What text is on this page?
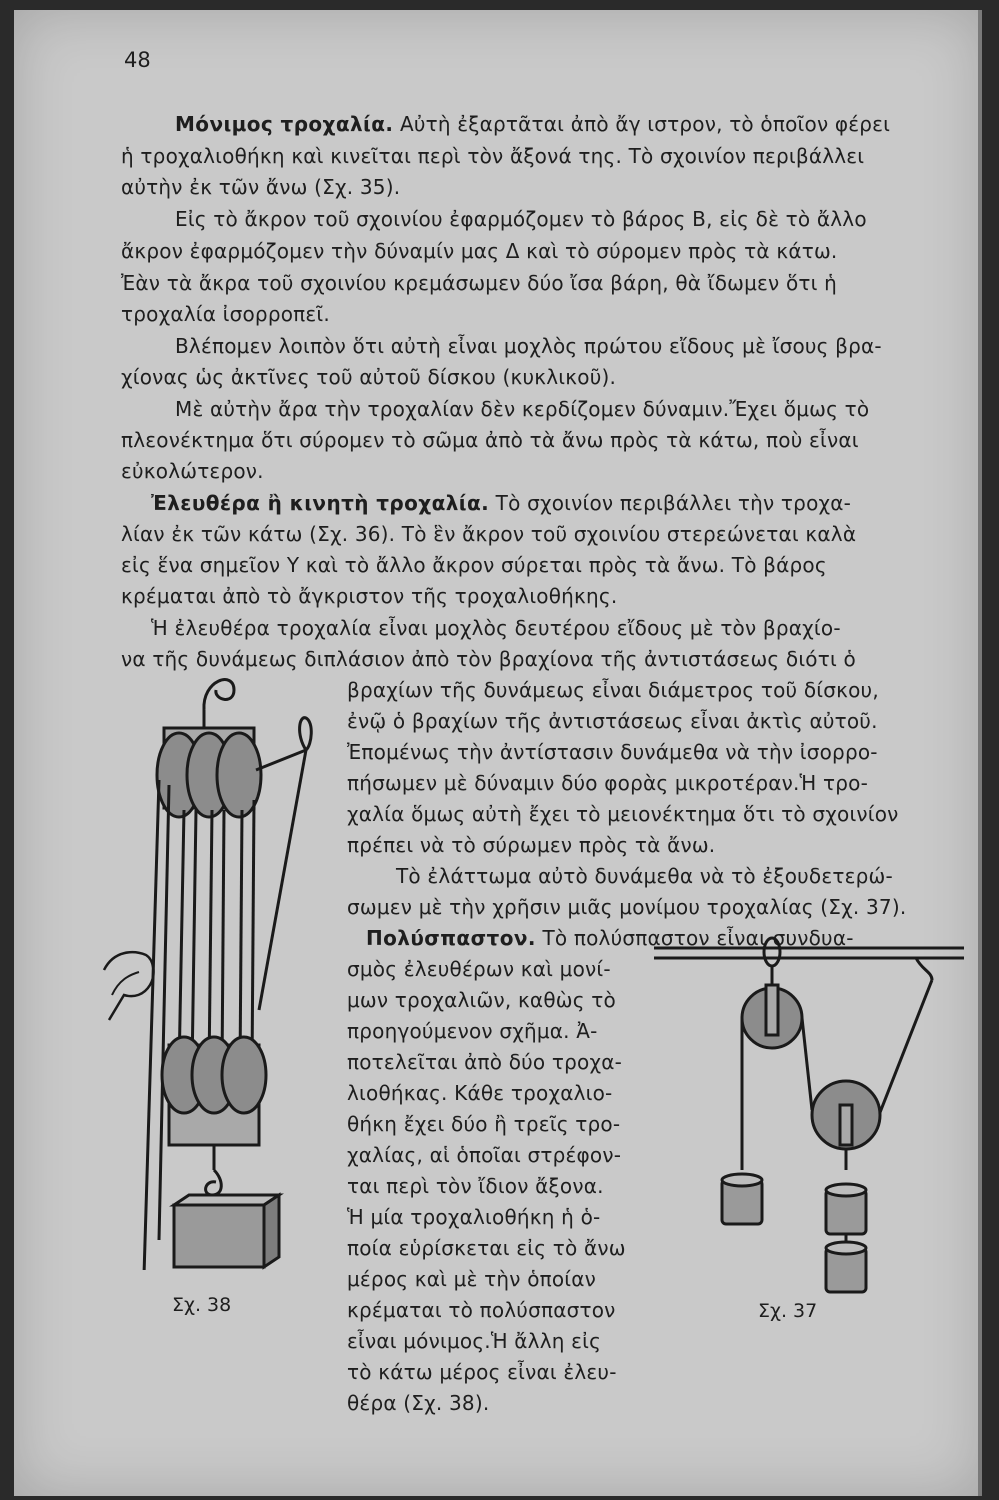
48
Μόνιμος τροχαλία. Αὐτὴ ἐξαρτᾶται ἀπὸ ἄγ ιστρον, τὸ ὁποῖον φέρει
ἡ τροχαλιοθήκη καὶ κινεῖται περὶ τὸν ἄξονά της. Τὸ σχοινίον περιβάλλει
αὐτὴν ἐκ τῶν ἄνω (Σχ. 35).
Εἰς τὸ ἄκρον τοῦ σχοινίου ἐφαρμόζομεν τὸ βάρος Β, εἰς δὲ τὸ ἄλλο
ἄκρον ἐφαρμόζομεν τὴν δύναμίν μας Δ καὶ τὸ σύρομεν πρὸς τὰ κάτω.
Ἐὰν τὰ ἄκρα τοῦ σχοινίου κρεμάσωμεν δύο ἴσα βάρη, θὰ ἴδωμεν ὅτι ἡ
τροχαλία ἰσορροπεῖ.
Βλέπομεν λοιπὸν ὅτι αὐτὴ εἶναι μοχλὸς πρώτου εἴδους μὲ ἴσους βρα-
χίονας ὡς ἀκτῖνες τοῦ αὐτοῦ δίσκου (κυκλικοῦ).
Μὲ αὐτὴν ἄρα τὴν τροχαλίαν δὲν κερδίζομεν δύναμιν.Ἔχει ὅμως τὸ
πλεονέκτημα ὅτι σύρομεν τὸ σῶμα ἀπὸ τὰ ἄνω πρὸς τὰ κάτω, ποὺ εἶναι
εὐκολώτερον.
Ἐλευθέρα ἢ κινητὴ τροχαλία. Τὸ σχοινίον περιβάλλει τὴν τροχα-
λίαν ἐκ τῶν κάτω (Σχ. 36). Τὸ ἓν ἄκρον τοῦ σχοινίου στερεώνεται καλὰ
εἰς ἕνα σημεῖον Υ καὶ τὸ ἄλλο ἄκρον σύρεται πρὸς τὰ ἄνω. Τὸ βάρος
κρέμαται ἀπὸ τὸ ἄγκριστον τῆς τροχαλιοθήκης.
Ἡ ἐλευθέρα τροχαλία εἶναι μοχλὸς δευτέρου εἴδους μὲ τὸν βραχίο-
να τῆς δυνάμεως διπλάσιον ἀπὸ τὸν βραχίονα τῆς ἀντιστάσεως διότι ὁ
βραχίων τῆς δυνάμεως εἶναι διάμετρος τοῦ δίσκου,
ἐνῷ ὁ βραχίων τῆς ἀντιστάσεως εἶναι ἀκτὶς αὐτοῦ.
Ἐπομένως τὴν ἀντίστασιν δυνάμεθα νὰ τὴν ἰσορρο-
πήσωμεν μὲ δύναμιν δύο φορὰς μικροτέραν.Ἡ τρο-
χαλία ὅμως αὐτὴ ἔχει τὸ μειονέκτημα ὅτι τὸ σχοινίον
πρέπει νὰ τὸ σύρωμεν πρὸς τὰ ἄνω.
Τὸ ἐλάττωμα αὐτὸ δυνάμεθα νὰ τὸ ἐξουδετερώ-
σωμεν μὲ τὴν χρῆσιν μιᾶς μονίμου τροχαλίας (Σχ. 37).
Πολύσπαστον. Τὸ πολύσπαστον εἶναι συνδυα-
σμὸς ἐλευθέρων καὶ μονί-
μων τροχαλιῶν, καθὼς τὸ
προηγούμενον σχῆμα. Ἀ-
ποτελεῖται ἀπὸ δύο τροχα-
λιοθήκας. Κάθε τροχαλιο-
θήκη ἔχει δύο ἢ τρεῖς τρο-
χαλίας, αἱ ὁποῖαι στρέφον-
ται περὶ τὸν ἴδιον ἄξονα.
Ἡ μία τροχαλιοθήκη ἡ ὁ-
ποία εὑρίσκεται εἰς τὸ ἄνω
μέρος καὶ μὲ τὴν ὁποίαν
κρέμαται τὸ πολύσπαστον
εἶναι μόνιμος.Ἡ ἄλλη εἰς
τὸ κάτω μέρος εἶναι ἐλευ-
θέρα (Σχ. 38).
Σχ. 38	Σχ. 37
